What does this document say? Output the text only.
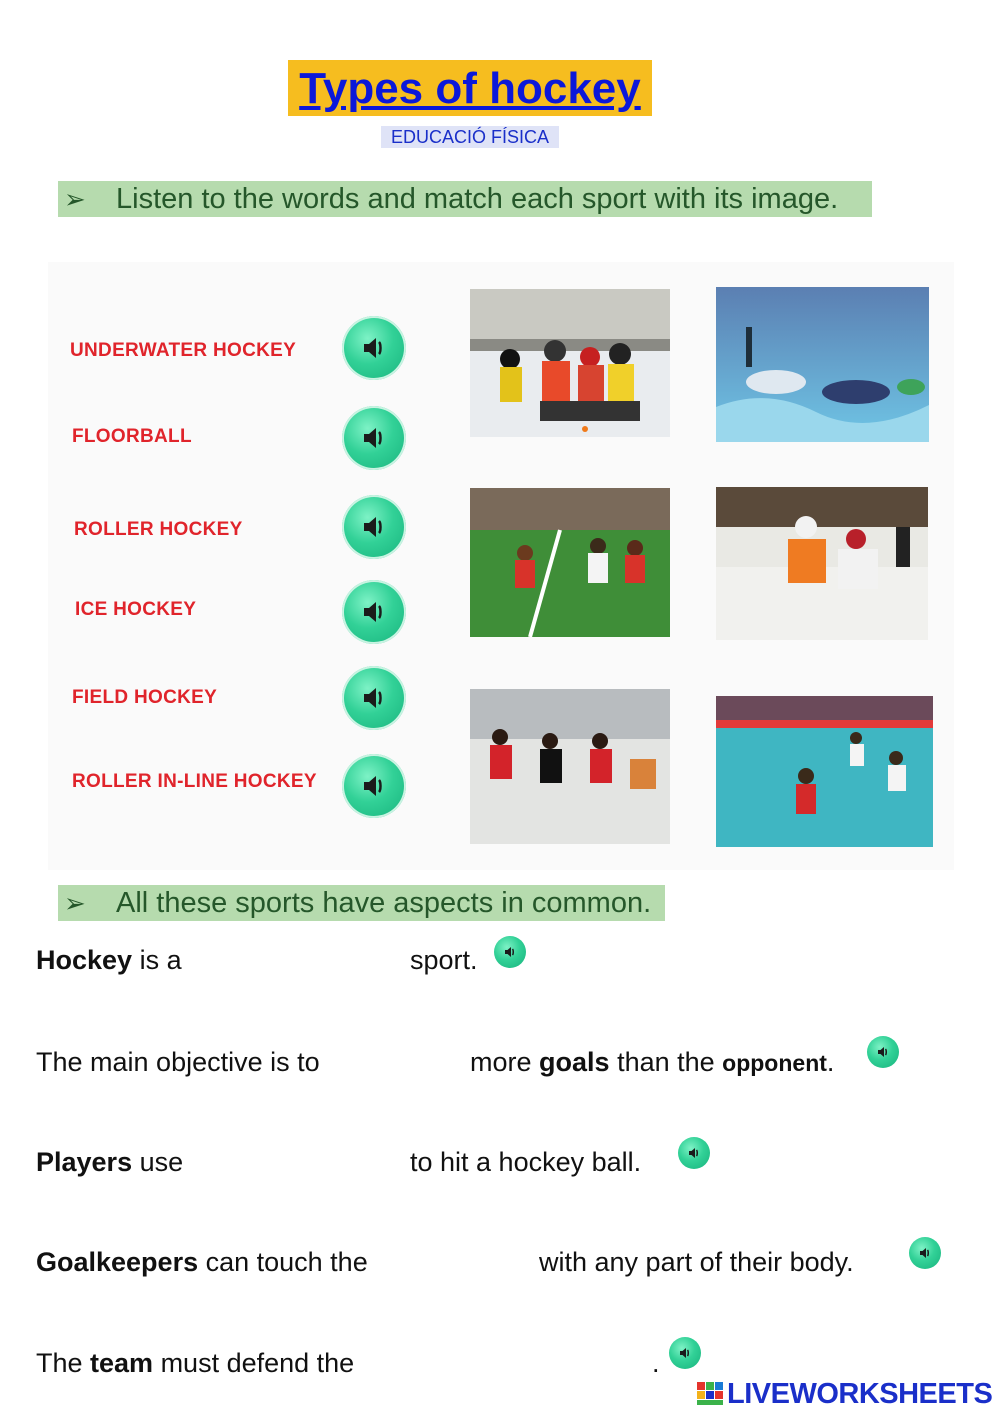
Types of hockey
EDUCACIÓ FÍSICA
➢ Listen to the words and match each sport with its image.
UNDERWATER HOCKEY
FLOORBALL
ROLLER HOCKEY
ICE HOCKEY
FIELD HOCKEY
ROLLER IN-LINE HOCKEY
➢ All these sports have aspects in common.
Hockey is a	sport.
The main objective is to	more goals than the opponent.
Players use	to hit a hockey ball.
Goalkeepers can touch the	with any part of their body.
The team must defend the	.
LIVEWORKSHEETS
